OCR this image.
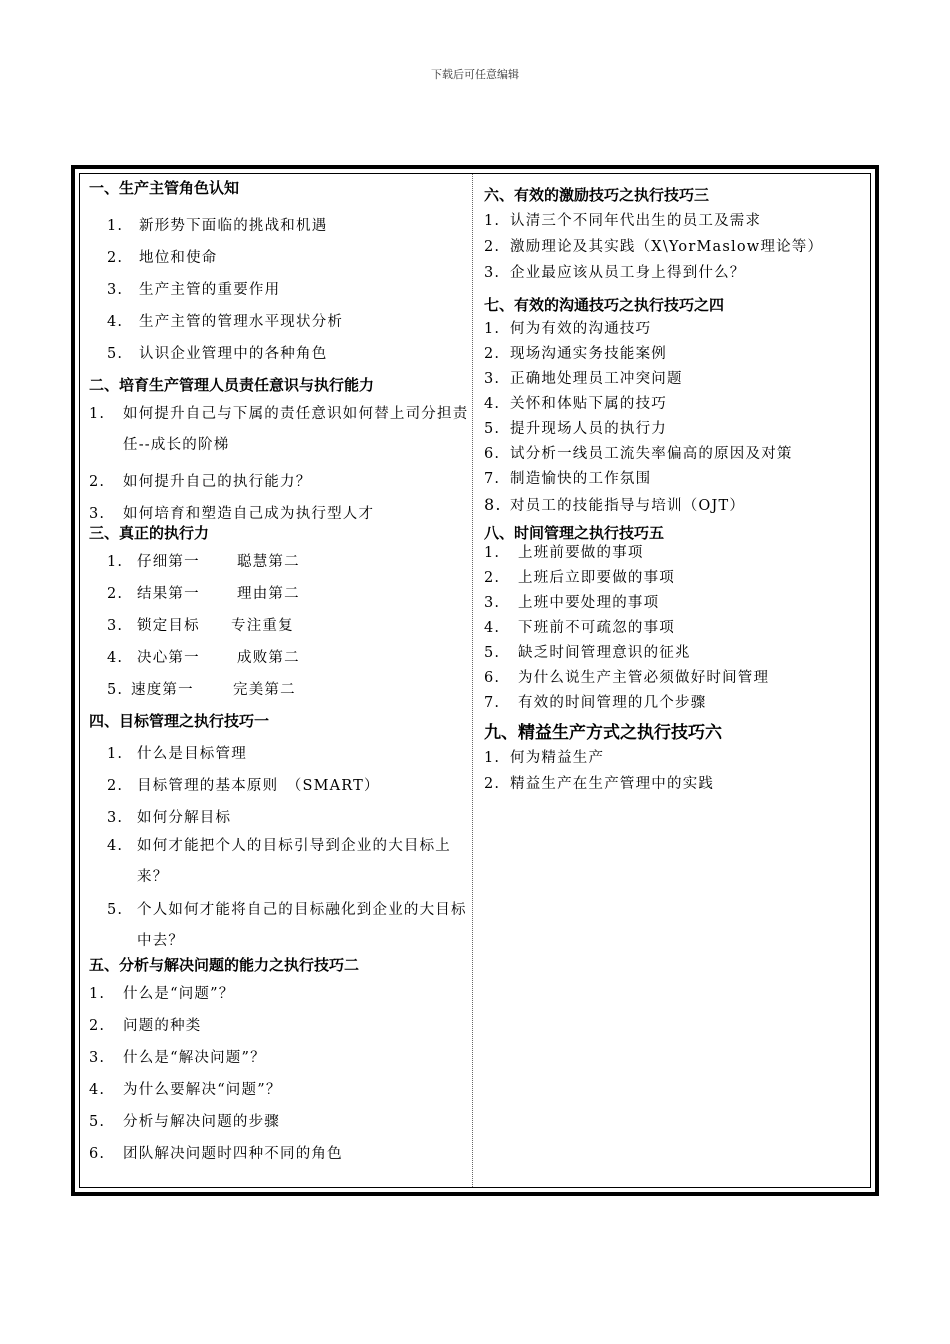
下载后可任意编辑
一、生产主管角色认知
1. 新形势下面临的挑战和机遇
2. 地位和使命
3. 生产主管的重要作用
4. 生产主管的管理水平现状分析
5. 认识企业管理中的各种角色
二、培育生产管理人员责任意识与执行能力
1. 如何提升自己与下属的责任意识如何替上司分担责任--成长的阶梯
2. 如何提升自己的执行能力？
3. 如何培育和塑造自己成为执行型人才
三、真正的执行力
1. 仔细第一	聪慧第二
2. 结果第一	理由第二
3. 锁定目标 专注重复
4. 决心第一	成败第二
5. 速度第一	完美第二
四、目标管理之执行技巧一
1. 什么是目标管理
2. 目标管理的基本原则　（SMART）
3. 如何分解目标
4. 如何才能把个人的目标引导到企业的大目标上来？
5. 个人如何才能将自己的目标融化到企业的大目标中去？
五、分析与解决问题的能力之执行技巧二
1. 什么是“问题”？
2. 问题的种类
3. 什么是“解决问题”？
4. 为什么要解决“问题”？
5. 分析与解决问题的步骤
6. 团队解决问题时四种不同的角色
六、有效的激励技巧之执行技巧三
1. 认清三个不同年代出生的员工及需求
2. 激励理论及其实践（X\YorMaslow理论等）
3. 企业最应该从员工身上得到什么？
七、有效的沟通技巧之执行技巧之四
1. 何为有效的沟通技巧
2. 现场沟通实务技能案例
3. 正确地处理员工冲突问题
4. 关怀和体贴下属的技巧
5. 提升现场人员的执行力
6. 试分析一线员工流失率偏高的原因及对策
7. 制造愉快的工作氛围
8. 对员工的技能指导与培训（OJT）
八、时间管理之执行技巧五
1. 上班前要做的事项
2. 上班后立即要做的事项
3. 上班中要处理的事项
4. 下班前不可疏忽的事项
5. 缺乏时间管理意识的征兆
6. 为什么说生产主管必须做好时间管理
7. 有效的时间管理的几个步骤
九、精益生产方式之执行技巧六
1. 何为精益生产
2. 精益生产在生产管理中的实践
